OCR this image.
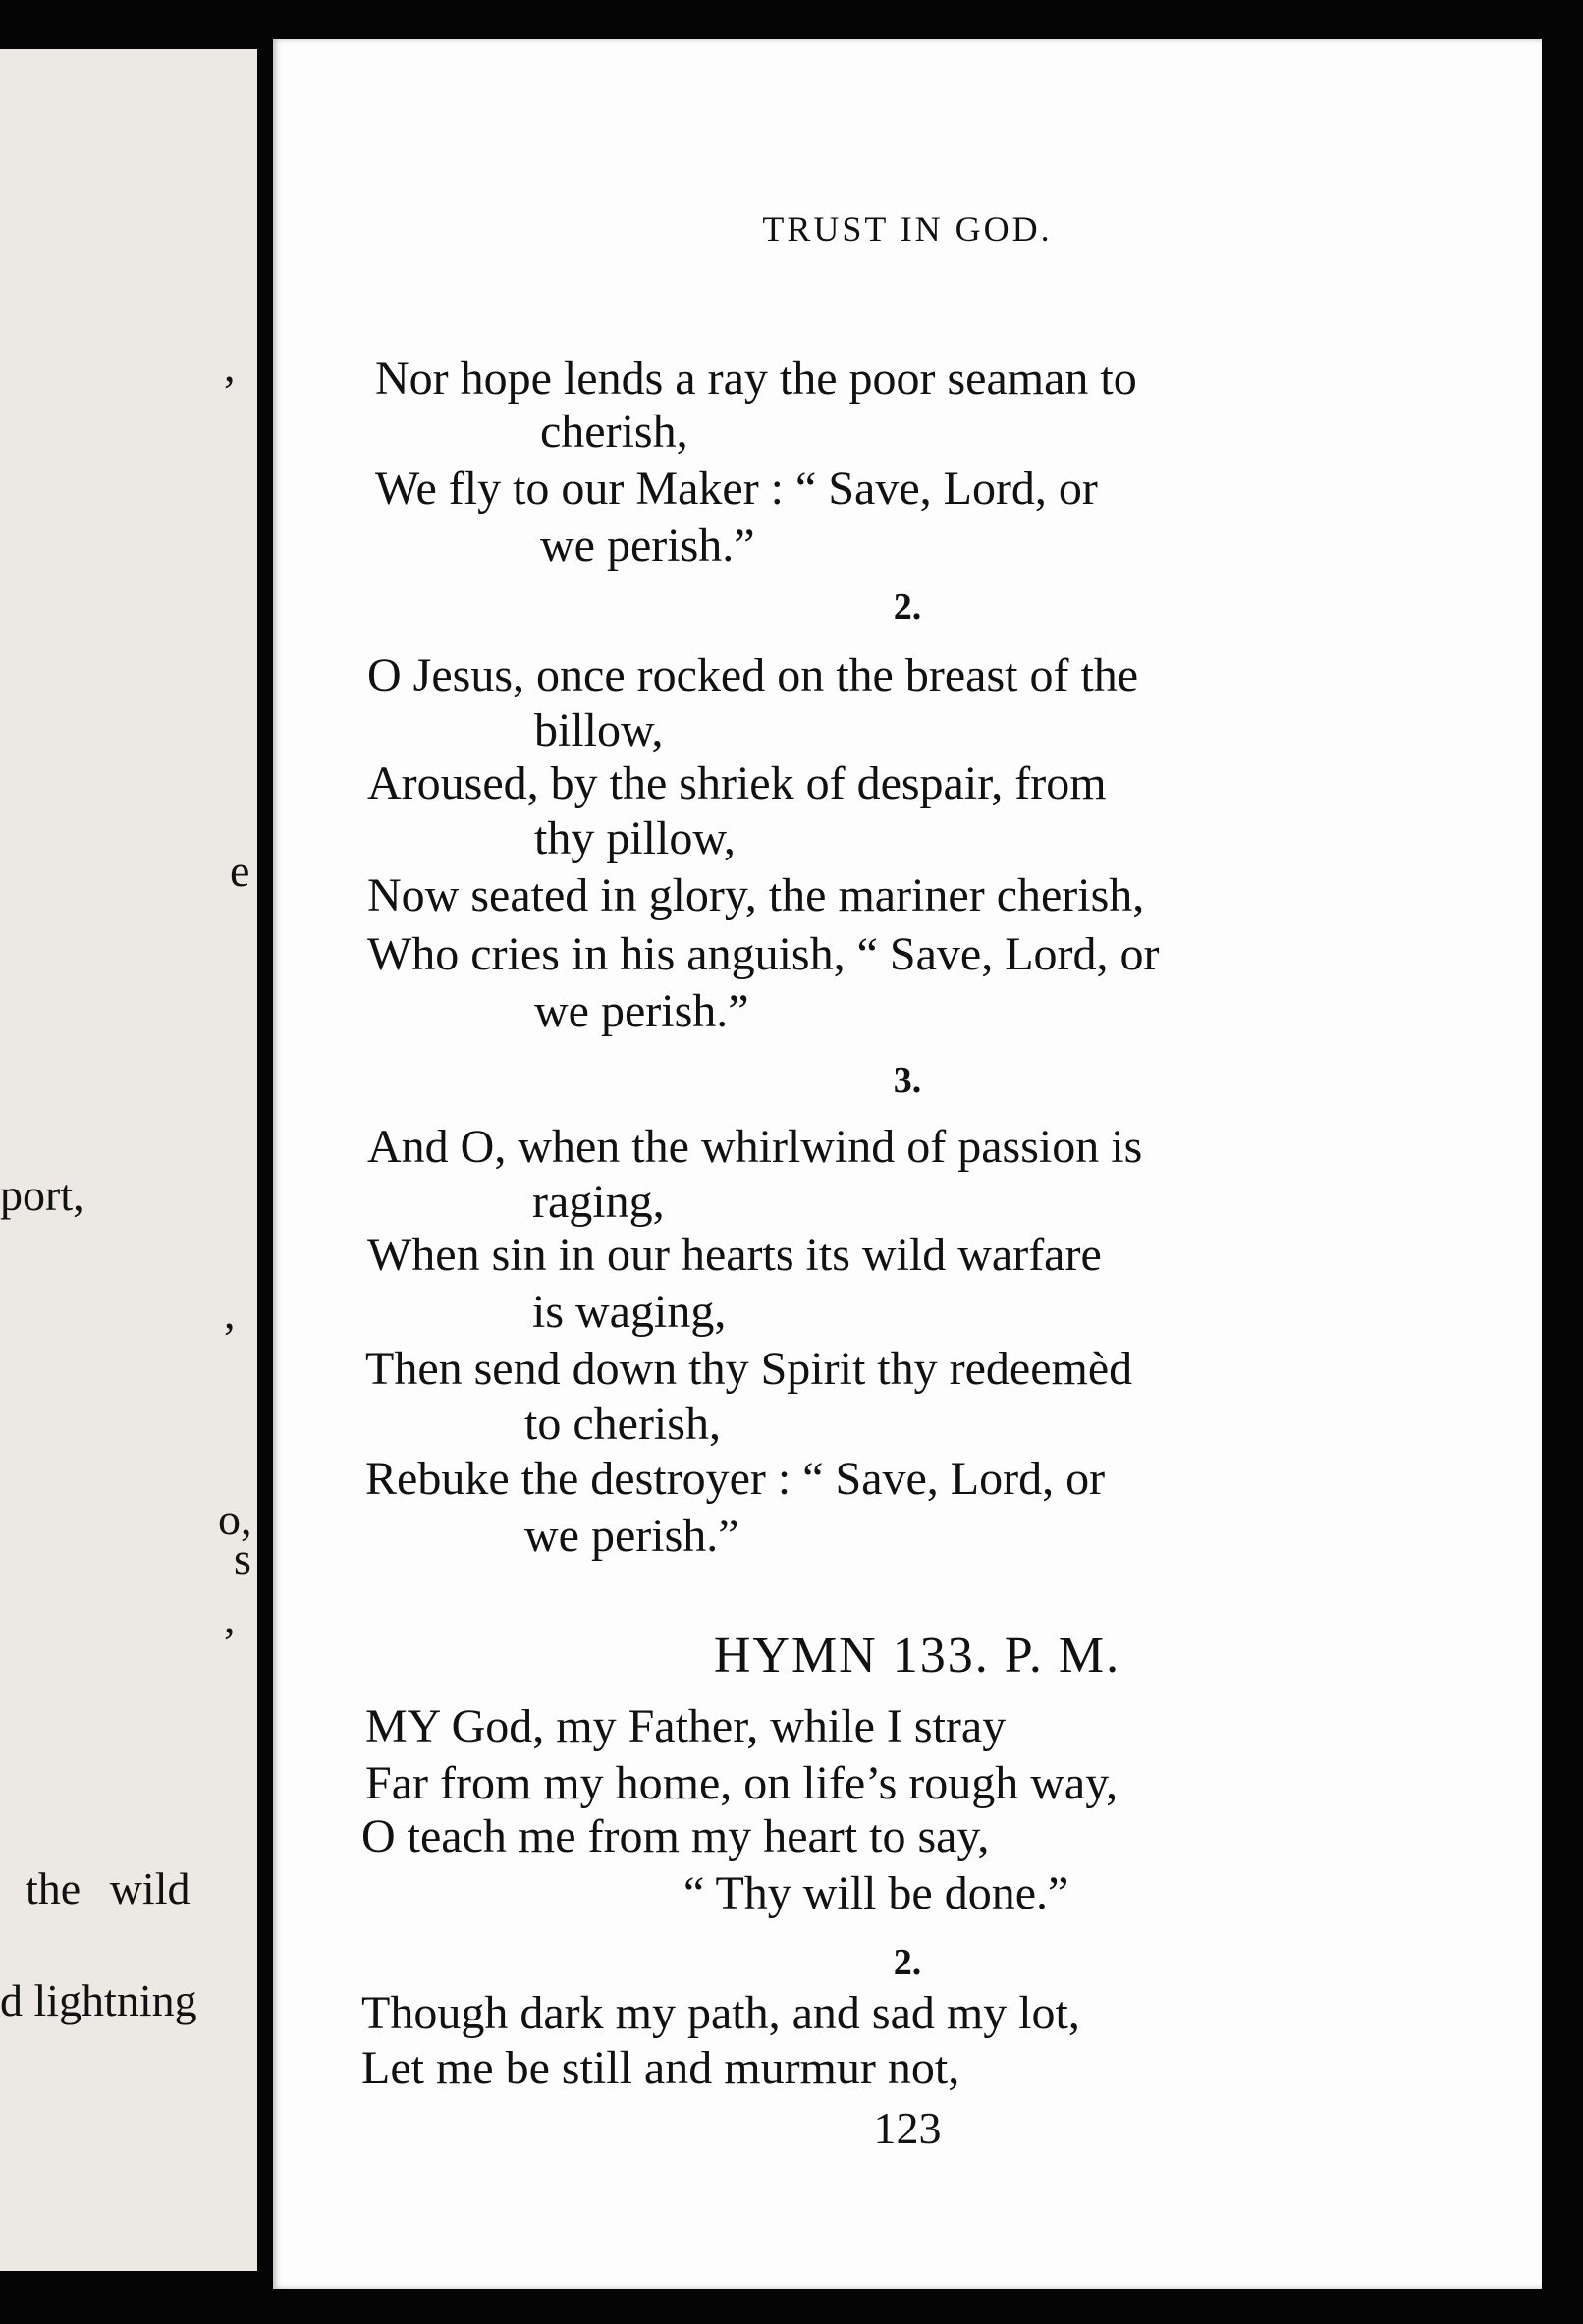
,
e
port,
,
o,
s
,
the wild
d lightning
TRUST IN GOD.
Nor hope lends a ray the poor seaman to
cherish,
We fly to our Maker : “ Save, Lord, or
we perish.”
2.
O Jesus, once rocked on the breast of the
billow,
Aroused, by the shriek of despair, from
thy pillow,
Now seated in glory, the mariner cherish,
Who cries in his anguish, “ Save, Lord, or
we perish.”
3.
And O, when the whirlwind of passion is
raging,
When sin in our hearts its wild warfare
is waging,
Then send down thy Spirit thy redeemèd
to cherish,
Rebuke the destroyer : “ Save, Lord, or
we perish.”
HYMN 133. P. M.
MY God, my Father, while I stray
Far from my home, on life’s rough way,
O teach me from my heart to say,
“ Thy will be done.”
2.
Though dark my path, and sad my lot,
Let me be still and murmur not,
123
